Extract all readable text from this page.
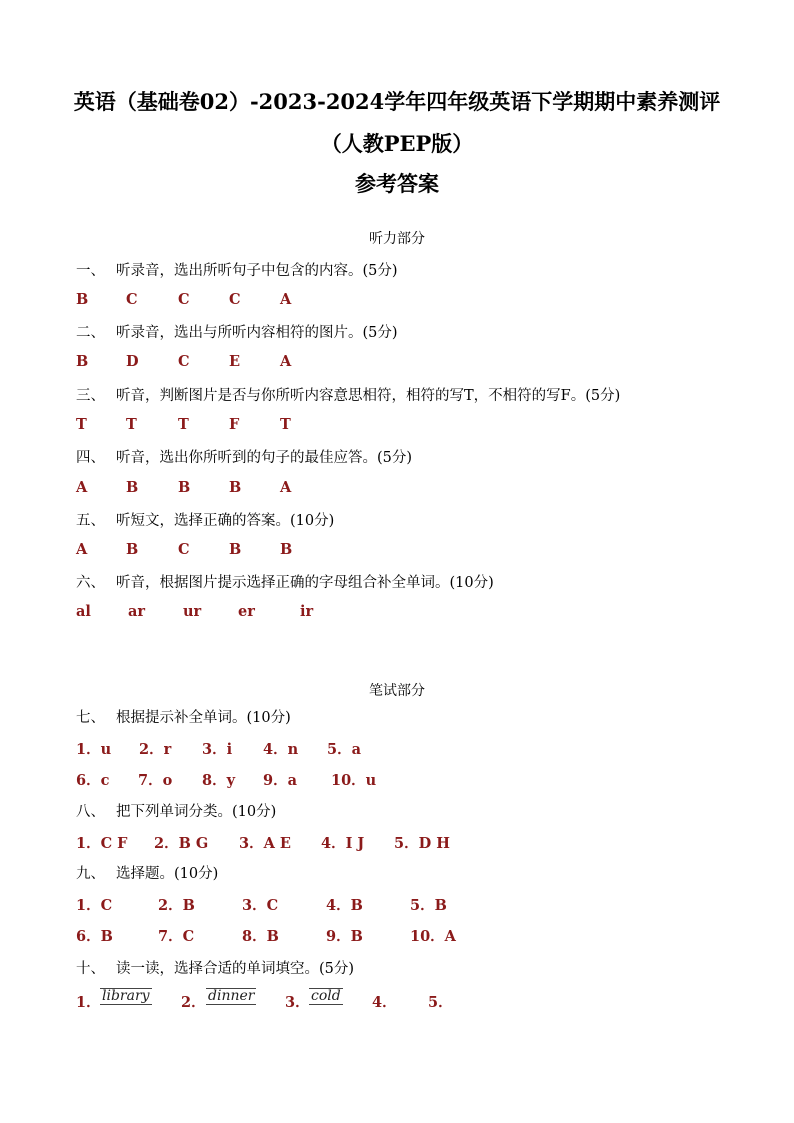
英语（基础卷02）-2023-2024学年四年级英语下学期期中素养测评
（人教PEP版）
参考答案
听力部分
一、 听录音，选出所听句子中包含的内容。(5分)
B	C	C	C	A
二、 听录音，选出与所听内容相符的图片。(5分)
B	D	C	E	A
三、 听音，判断图片是否与你所听内容意思相符，相符的写T，不相符的写F。(5分)
T	T	T	F	T
四、 听音，选出你所听到的句子的最佳应答。(5分)
A	B	B	B	A
五、 听短文，选择正确的答案。(10分)
A	B	C	B	B
六、 听音，根据图片提示选择正确的字母组合补全单词。(10分)
al	ar	ur	er	ir
笔试部分
七、 根据提示补全单词。(10分)
1．u 2．r 3．i 4．n 5．a
6．c 7．o 8．y 9．a 10．u
八、 把下列单词分类。(10分)
1．C F 2．B G 3．A E 4．I J 5．D H
九、 选择题。(10分)
1．C	2．B	3．C	4．B	5．B
6．B	7．C	8．B	9．B	10．A
十、 读一读，选择合适的单词填空。(5分)
1． library 2． dinner 3． cold 4． 5．
